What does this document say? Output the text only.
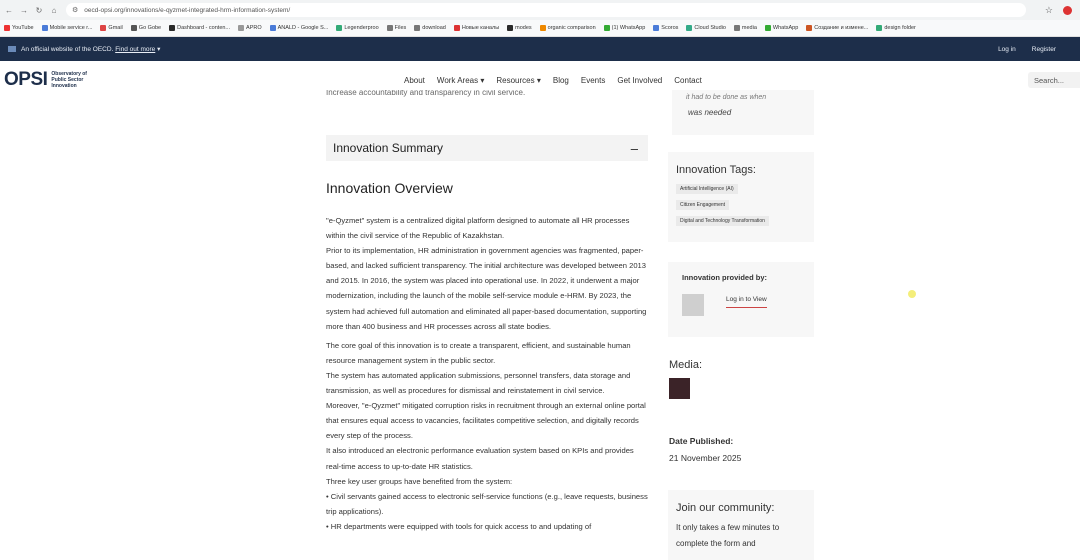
← → ↻	⌂	⚙ oecd-opsi.org/innovations/e-qyzmet-integrated-hrm-information-system/	☆
YouTube	Mobile service r...	Gmail	Go Gobe	Dashboard - conten...	APRO	ANALD - Google S...	Legenderproo	Files	download	Новые каналы	modes	organic comparison	(1) WhatsApp	Scoros	Cloud Studio	media	WhatsApp	Создание и измене...	design folder
An official website of the OECD. Find out more ▾	Log in Register
OPSI Observatory of Public Sector Innovation
About Work Areas ▾ Resources ▾ Blog Events Get Involved Contact	Search...
Increase accountability and transparency in civil service.
Innovation Summary	–
Innovation Overview
"e-Qyzmet" system is a centralized digital platform designed to automate all HR processes within the civil service of the Republic of Kazakhstan.
Prior to its implementation, HR administration in government agencies was fragmented, paper-based, and lacked sufficient transparency. The initial architecture was developed between 2013 and 2015. In 2016, the system was placed into operational use. In 2022, it underwent a major modernization, including the launch of the mobile self-service module e-HRM. By 2023, the system had achieved full automation and eliminated all paper-based documentation, supporting more than 400 business and HR processes across all state bodies.

The core goal of this innovation is to create a transparent, efficient, and sustainable human resource management system in the public sector.
The system has automated application submissions, personnel transfers, data storage and transmission, as well as procedures for dismissal and reinstatement in civil service.
Moreover, "e-Qyzmet" mitigated corruption risks in recruitment through an external online portal that ensures equal access to vacancies, facilitates competitive selection, and digitally records every step of the process.
It also introduced an electronic performance evaluation system based on KPIs and provides real-time access to up-to-date HR statistics.
Three key user groups have benefited from the system:
• Civil servants gained access to electronic self-service functions (e.g., leave requests, business trip applications).
• HR departments were equipped with tools for quick access to and updating of
it had to be done as when
was needed
Innovation Tags:
Artificial Intelligence (AI)
Citizen Engagement
Digital and Technology Transformation
Innovation provided by:
Log in to View
Media:
Date Published:
21 November 2025
Join our community:
It only takes a few minutes to complete the form and
